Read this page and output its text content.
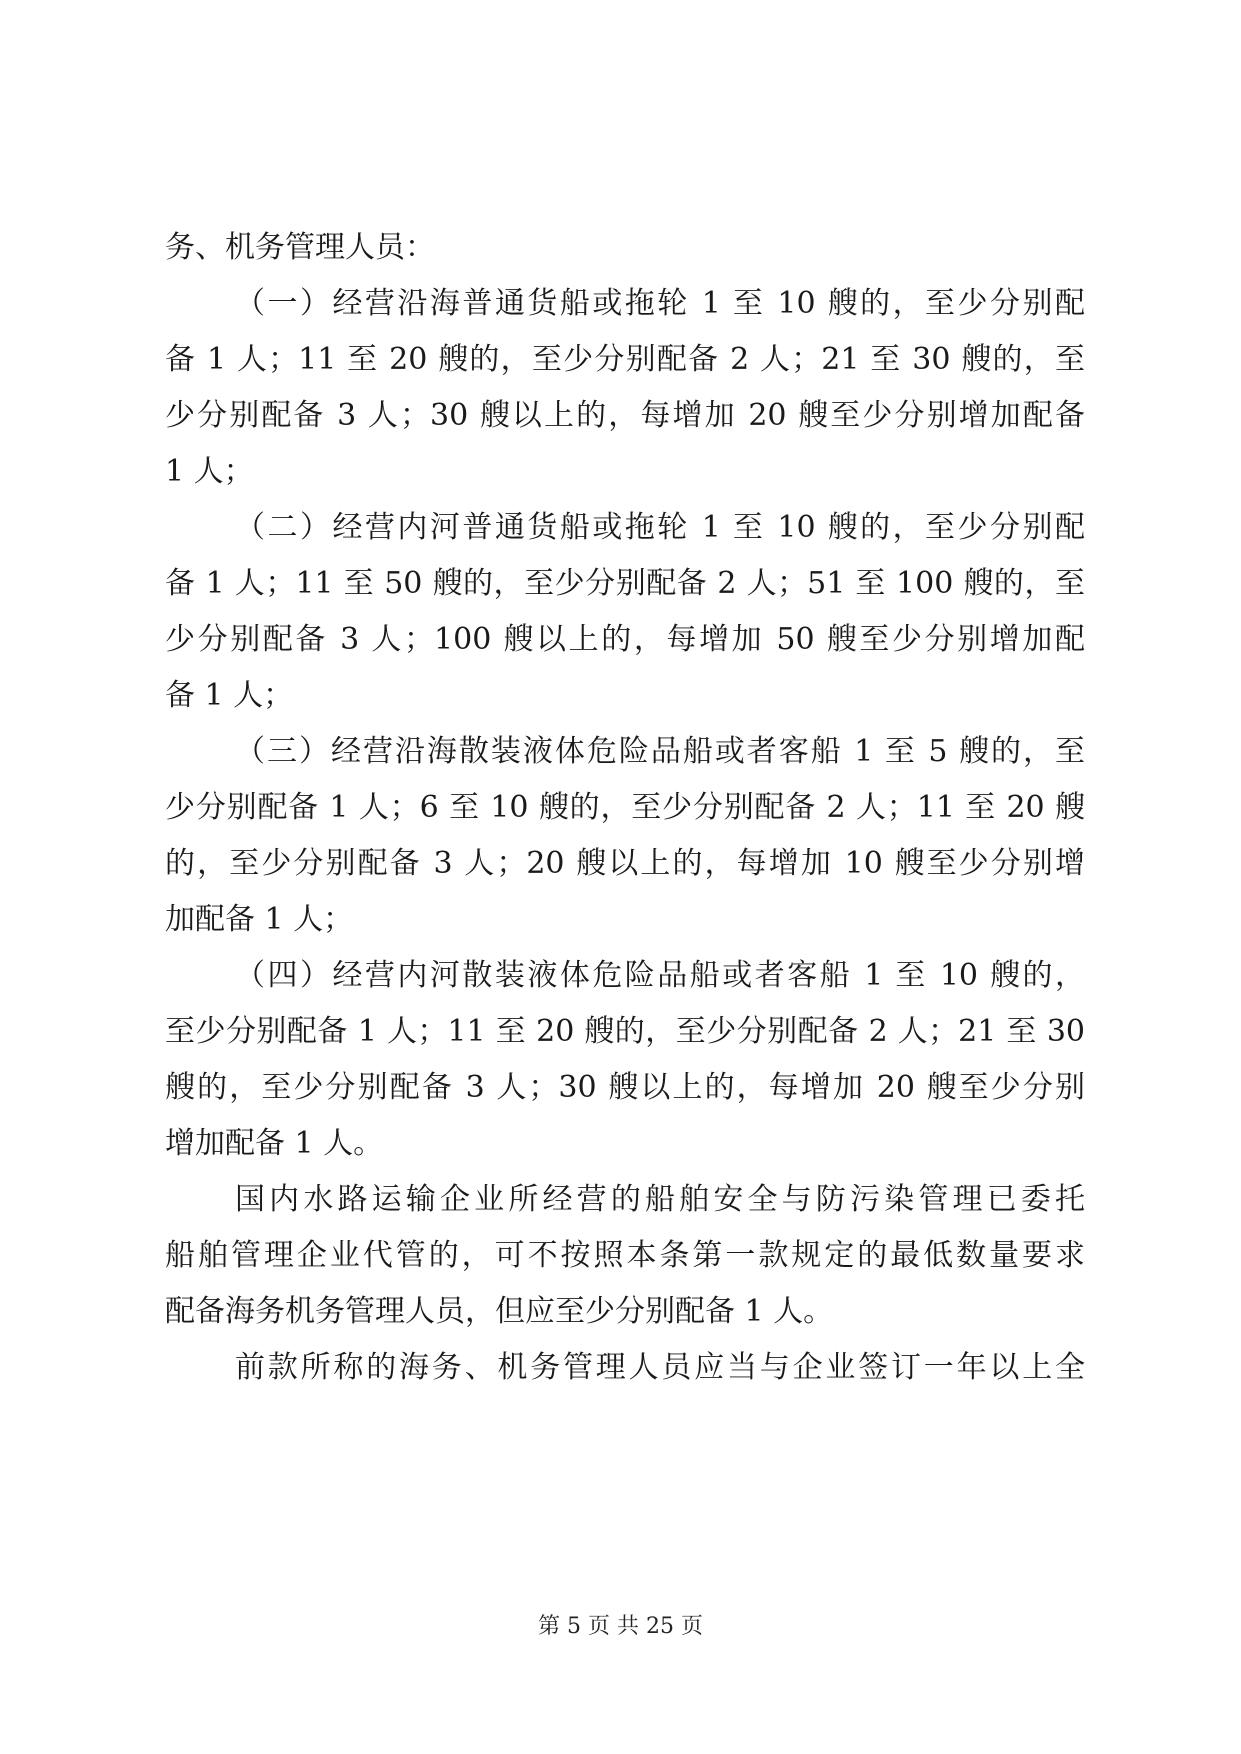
务、机务管理人员：
（一）经营沿海普通货船或拖轮 1 至 10 艘的，至少分别配
备 1 人；11 至 20 艘的，至少分别配备 2 人；21 至 30 艘的，至
少分别配备 3 人；30 艘以上的，每增加 20 艘至少分别增加配备
1 人；
（二）经营内河普通货船或拖轮 1 至 10 艘的，至少分别配
备 1 人；11 至 50 艘的，至少分别配备 2 人；51 至 100 艘的，至
少分别配备 3 人；100 艘以上的，每增加 50 艘至少分别增加配
备 1 人；
（三）经营沿海散装液体危险品船或者客船 1 至 5 艘的，至
少分别配备 1 人；6 至 10 艘的，至少分别配备 2 人；11 至 20 艘
的，至少分别配备 3 人；20 艘以上的，每增加 10 艘至少分别增
加配备 1 人；
（四）经营内河散装液体危险品船或者客船 1 至 10 艘的，
至少分别配备 1 人；11 至 20 艘的，至少分别配备 2 人；21 至 30
艘的，至少分别配备 3 人；30 艘以上的，每增加 20 艘至少分别
增加配备 1 人。
国内水路运输企业所经营的船舶安全与防污染管理已委托
船舶管理企业代管的，可不按照本条第一款规定的最低数量要求
配备海务机务管理人员，但应至少分别配备 1 人。
前款所称的海务、机务管理人员应当与企业签订一年以上全
第 5 页 共 25 页
